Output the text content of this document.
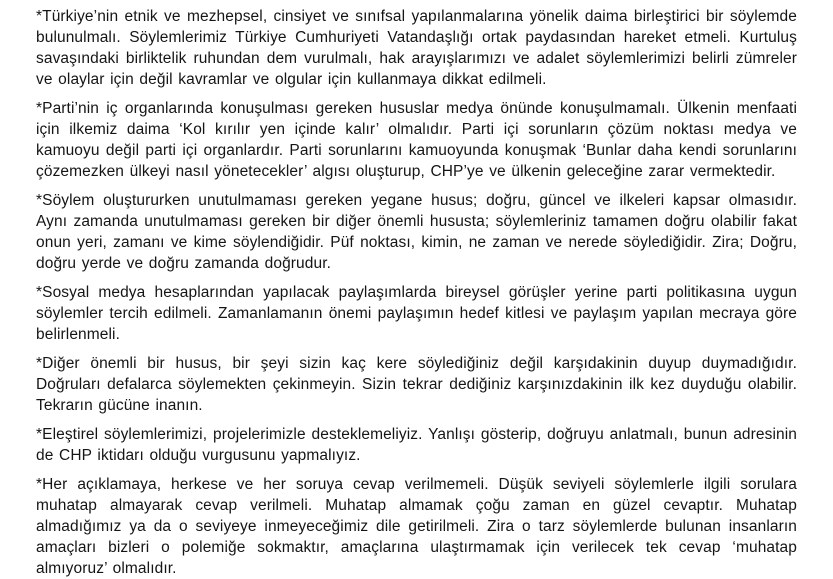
*Türkiye’nin etnik ve mezhepsel, cinsiyet ve sınıfsal yapılanmalarına yönelik daima birleştirici bir söylemde bulunulmalı. Söylemlerimiz Türkiye Cumhuriyeti Vatandaşlığı ortak paydasından hareket etmeli. Kurtuluş savaşındaki birliktelik ruhundan dem vurulmalı, hak arayışlarımızı ve adalet söylemlerimizi belirli zümreler ve olaylar için değil kavramlar ve olgular için kullanmaya dikkat edilmeli.

*Parti’nin iç organlarında konuşulması gereken hususlar medya önünde konuşulmamalı. Ülkenin menfaati için ilkemiz daima ‘Kol kırılır yen içinde kalır’ olmalıdır. Parti içi sorunların çözüm noktası medya ve kamuoyu değil parti içi organlardır. Parti sorunlarını kamuoyunda konuşmak ‘Bunlar daha kendi sorunlarını çözemezken ülkeyi nasıl yönetecekler’ algısı oluşturup, CHP’ye ve ülkenin geleceğine zarar vermektedir.

*Söylem oluştururken unutulmaması gereken yegane husus; doğru, güncel ve ilkeleri kapsar olmasıdır. Aynı zamanda unutulmaması gereken bir diğer önemli hususta; söylemleriniz tamamen doğru olabilir fakat onun yeri, zamanı ve kime söylendiğidir. Püf noktası, kimin, ne zaman ve nerede söylediğidir. Zira; Doğru, doğru yerde ve doğru zamanda doğrudur.

*Sosyal medya hesaplarından yapılacak paylaşımlarda bireysel görüşler yerine parti politikasına uygun söylemler tercih edilmeli. Zamanlamanın önemi paylaşımın hedef kitlesi ve paylaşım yapılan mecraya göre belirlenmeli.

*Diğer önemli bir husus, bir şeyi sizin kaç kere söylediğiniz değil karşıdakinin duyup duymadığıdır. Doğruları defalarca söylemekten çekinmeyin. Sizin tekrar dediğiniz karşınızdakinin ilk kez duyduğu olabilir. Tekrarın gücüne inanın.

*Eleştirel söylemlerimizi, projelerimizle desteklemeliyiz. Yanlışı gösterip, doğruyu anlatmalı, bunun adresinin de CHP iktidarı olduğu vurgusunu yapmalıyız.

*Her açıklamaya, herkese ve her soruya cevap verilmemeli. Düşük seviyeli söylemlerle ilgili sorulara muhatap almayarak cevap verilmeli. Muhatap almamak çoğu zaman en güzel cevaptır. Muhatap almadığımız ya da o seviyeye inmeyeceğimiz dile getirilmeli. Zira o tarz söylemlerde bulunan insanların amaçları bizleri o polemiğe sokmaktır, amaçlarına ulaştırmamak için verilecek tek cevap ‘muhatap almıyoruz’ olmalıdır.
